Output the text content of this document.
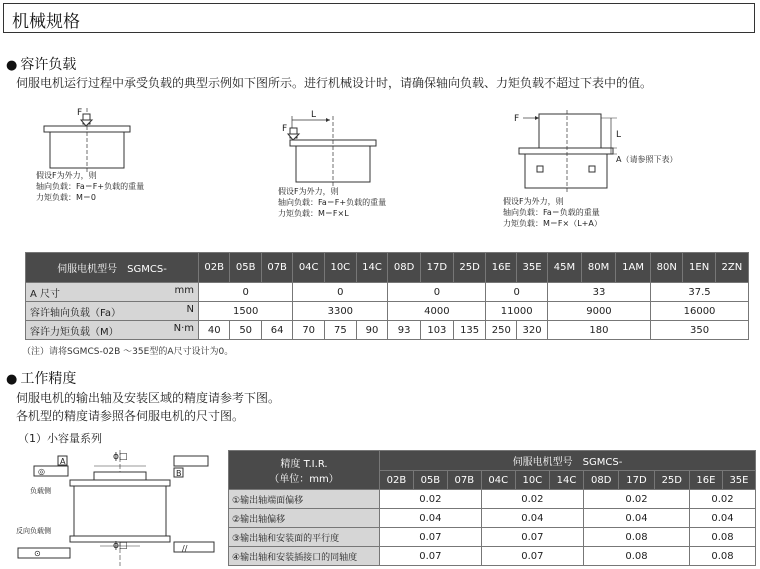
机械规格
● 容许负载
伺服电机运行过程中承受负载的典型示例如下图所示。进行机械设计时，请确保轴向负载、力矩负载不超过下表中的值。
F
假设F为外力，则
轴向负载：Fa＝F+负载的重量
力矩负载：M＝0
L
F
假设F为外力，则
轴向负载：Fa＝F+负载的重量
力矩负载：M＝F×L
F
L
A（请参照下表）
假设F为外力，则
轴向负载：Fa＝负载的重量
力矩负载：M＝F×（L+A）
伺服电机型号　SGMCS-	02B	05B	07B	04C	10C	14C	08D	17D	25D	16E	35E	45M	80M	1AM	80N	1EN	2ZN
A 尺寸 mm	0			0			0			0		33			37.5		
容许轴向负载（Fa） N	1500			3300			4000			11000		9000			16000		
容许力矩负载（M） N·m	40	50	64	70	75	90	93	103	135	250	320	180			350		
（注）请将SGMCS-02B ～35E型的A尺寸设计为0。
● 工作精度
伺服电机的输出轴及安装区域的精度请参考下图。
各机型的精度请参照各伺服电机的尺寸图。
（1）小容量系列
ϕ□
ϕ□
A
B
◎
//
⊙
负载侧
反向负载侧
精度 T.I.R.
（单位：mm）	伺服电机型号　SGMCS-										
	02B	05B	07B	04C	10C	14C	08D	17D	25D	16E	35E
①输出轴端面偏移	0.02			0.02			0.02			0.02	
②输出轴偏移	0.04			0.04			0.04			0.04	
③输出轴和安装面的平行度	0.07			0.07			0.08			0.08	
④输出轴和安装插接口的同轴度	0.07			0.07			0.08			0.08	
